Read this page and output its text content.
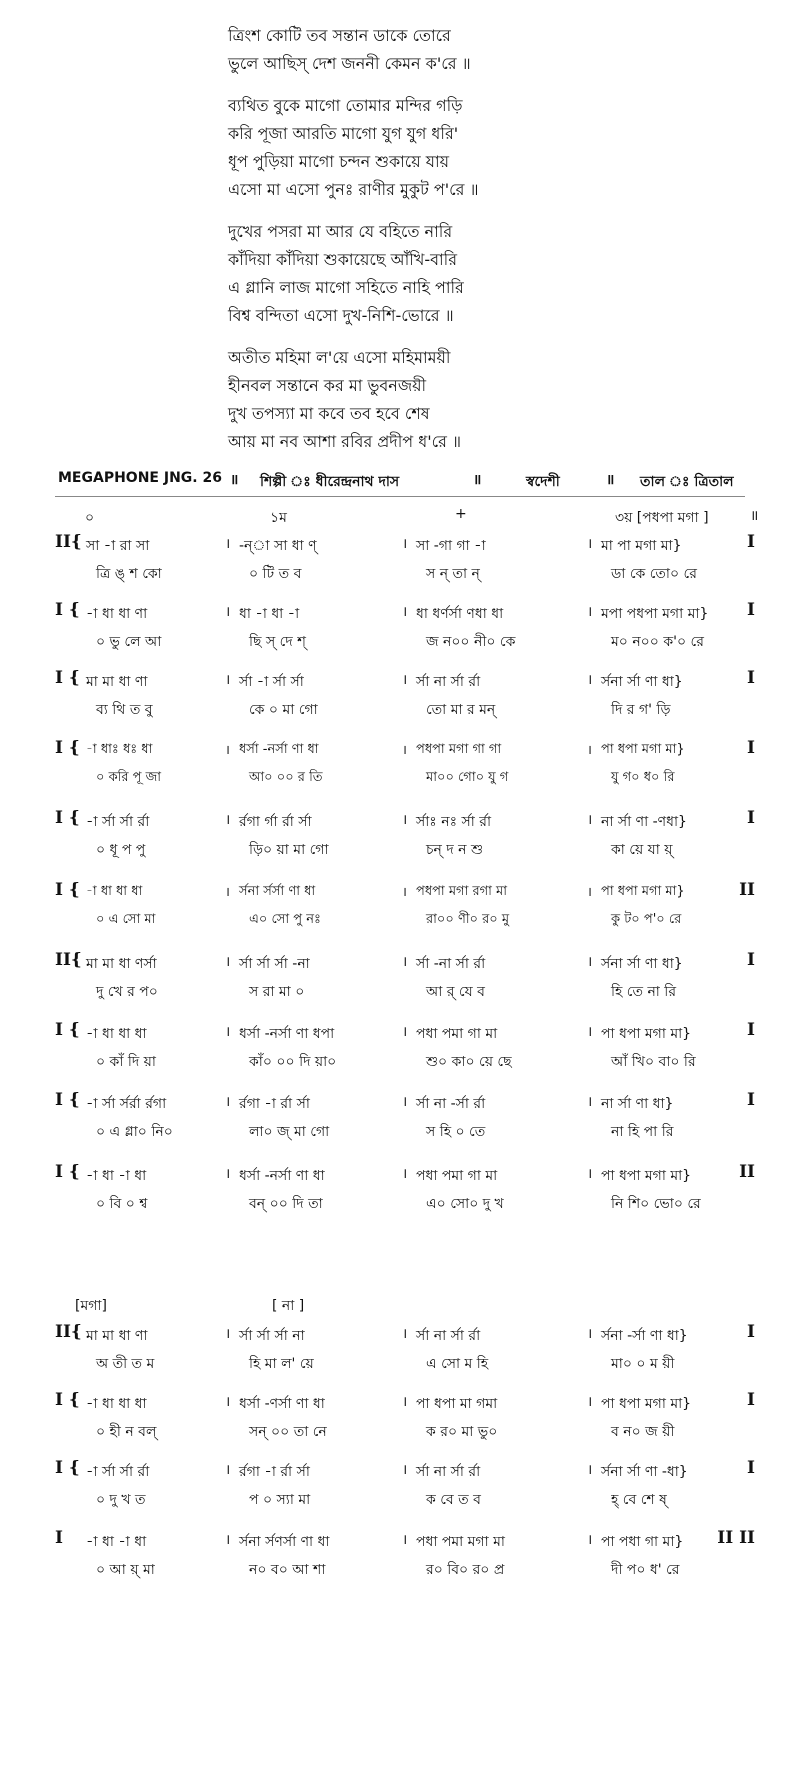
ত্রিংশ কোটি তব সন্তান ডাকে তোরে
ভুলে আছিস্ দেশ জননী কেমন ক'রে ॥
ব্যথিত বুকে মাগো তোমার মন্দির গড়ি
করি পূজা আরতি মাগো যুগ যুগ ধরি'
ধূপ পুড়িয়া মাগো চন্দন শুকায়ে যায়
এসো মা এসো পুনঃ রাণীর মুকুট প'রে ॥
দুখের পসরা মা আর যে বহিতে নারি
কাঁদিয়া কাঁদিয়া শুকায়েছে আঁখি-বারি
এ গ্লানি লাজ মাগো সহিতে নাহি পারি
বিশ্ব বন্দিতা এসো দুখ-নিশি-ভোরে ॥
অতীত মহিমা ল'য়ে এসো মহিমাময়ী
হীনবল সন্তানে কর মা ভুবনজয়ী
দুখ তপস্যা মা কবে তব হবে শেষ
আয় মা নব আশা রবির প্রদীপ ধ'রে ॥
MEGAPHONE JNG. 26 ॥ শিল্পী ঃ ধীরেন্দ্রনাথ দাস	॥	স্বদেশী	॥ তাল ঃ ত্রিতাল
০	১ম	+	৩য় [পধপা মগা ]	॥
[মগা]	[ না ]
II{	I
সা -া রা সা	। -ন্া সা ধা ণ্	। সা -গা গা -া	। মা পা মগা মা}
ত্রি ঙ্ শ কো	০ টি ত ব	স ন্ তা ন্	ডা কে তো০ রে
I {	I
-া ধা ধা ণা	। ধা -া ধা -া	। ধা ধর্ণর্সা ণধা ধা	। মপা পধপা মগা মা}
০ ভু লে আ	ছি স্ দে শ্	জ ন০০ নী০ কে	ম০ ন০০ ক'০ রে
I {	I
মা মা ধা ণা	। র্সা -া র্সা র্সা	। র্সা না র্সা র্রা	। র্সনা র্সা ণা ধা}
ব্য থি ত বু	কে ০ মা গো	তো মা র মন্	দি র গ' ড়ি
I {	I
-া ধাঃ ধঃ ধা	। ধর্সা -নর্সা ণা ধা	। পধপা মগা গা গা	। পা ধপা মগা মা}
০ করি পূ জা	আ০ ০০ র তি	মা০০ গো০ যু গ	যু গ০ ধ০ রি
I {	I
-া র্সা র্সা র্রা	। র্রগা র্গা র্রা র্সা	। র্সাঃ নঃ র্সা র্রা	। না র্সা ণা -ণধা}
০ ধূ প পু	ড়ি০ য়া মা গো	চন্ দ ন শু	কা য়ে যা য়্
I {	II
-া ধা ধা ধা	। র্সনা র্সর্সা ণা ধা	। পধপা মগা রগা মা	। পা ধপা মগা মা}
০ এ সো মা	এ০ সো পু নঃ	রা০০ ণী০ র০ মু	কু ট০ প'০ রে
II{	I
মা মা ধা ণর্সা	। র্সা র্সা র্সা -না	। র্সা -না র্সা র্রা	। র্সনা র্সা ণা ধা}
দু খে র প০	স রা মা ০	আ র্ যে ব	হি তে না রি
I {	I
-া ধা ধা ধা	। ধর্সা -নর্সা ণা ধপা	। পধা পমা গা মা	। পা ধপা মগা মা}
০ কাঁ দি য়া	কাঁ০ ০০ দি য়া০	শু০ কা০ য়ে ছে	আঁ খি০ বা০ রি
I {	I
-া র্সা র্সর্রা র্রগা	। র্রগা -া র্রা র্সা	। র্সা না -র্সা র্রা	। না র্সা ণা ধা}
০ এ গ্লা০ নি০	লা০ জ্ মা গো	স হি ০ তে	না হি পা রি
I {	II
-া ধা -া ধা	। ধর্সা -নর্সা ণা ধা	। পধা পমা গা মা	। পা ধপা মগা মা}
০ বি ০ শ্ব	বন্ ০০ দি তা	এ০ সো০ দু খ	নি শি০ ভো০ রে
II{	I
মা মা ধা ণা	। র্সা র্সা র্সা না	। র্সা না র্সা র্রা	। র্সনা -র্সা ণা ধা}
অ তী ত ম	হি মা ল' য়ে	এ সো ম হি	মা০ ০ ম য়ী
I {	I
-া ধা ধা ধা	। ধর্সা -ণর্সা ণা ধা	। পা ধপা মা গমা	। পা ধপা মগা মা}
০ হী ন বল্	সন্ ০০ তা নে	ক র০ মা ভু০	ব ন০ জ য়ী
I {	I
-া র্সা র্সা র্রা	। র্রগা -া র্রা র্সা	। র্সা না র্সা র্রা	। র্সনা র্সা ণা -ধা}
০ দু খ ত	প ০ স্যা মা	ক বে ত ব	হ্ বে শে ষ্
I	II II
-া ধা -া ধা	। র্সনা র্সণর্সা ণা ধা	। পধা পমা মগা মা	। পা পধা গা মা}
০ আ য়্ মা	ন০ ব০ আ শা	র০ বি০ র০ প্র	দী প০ ধ' রে
